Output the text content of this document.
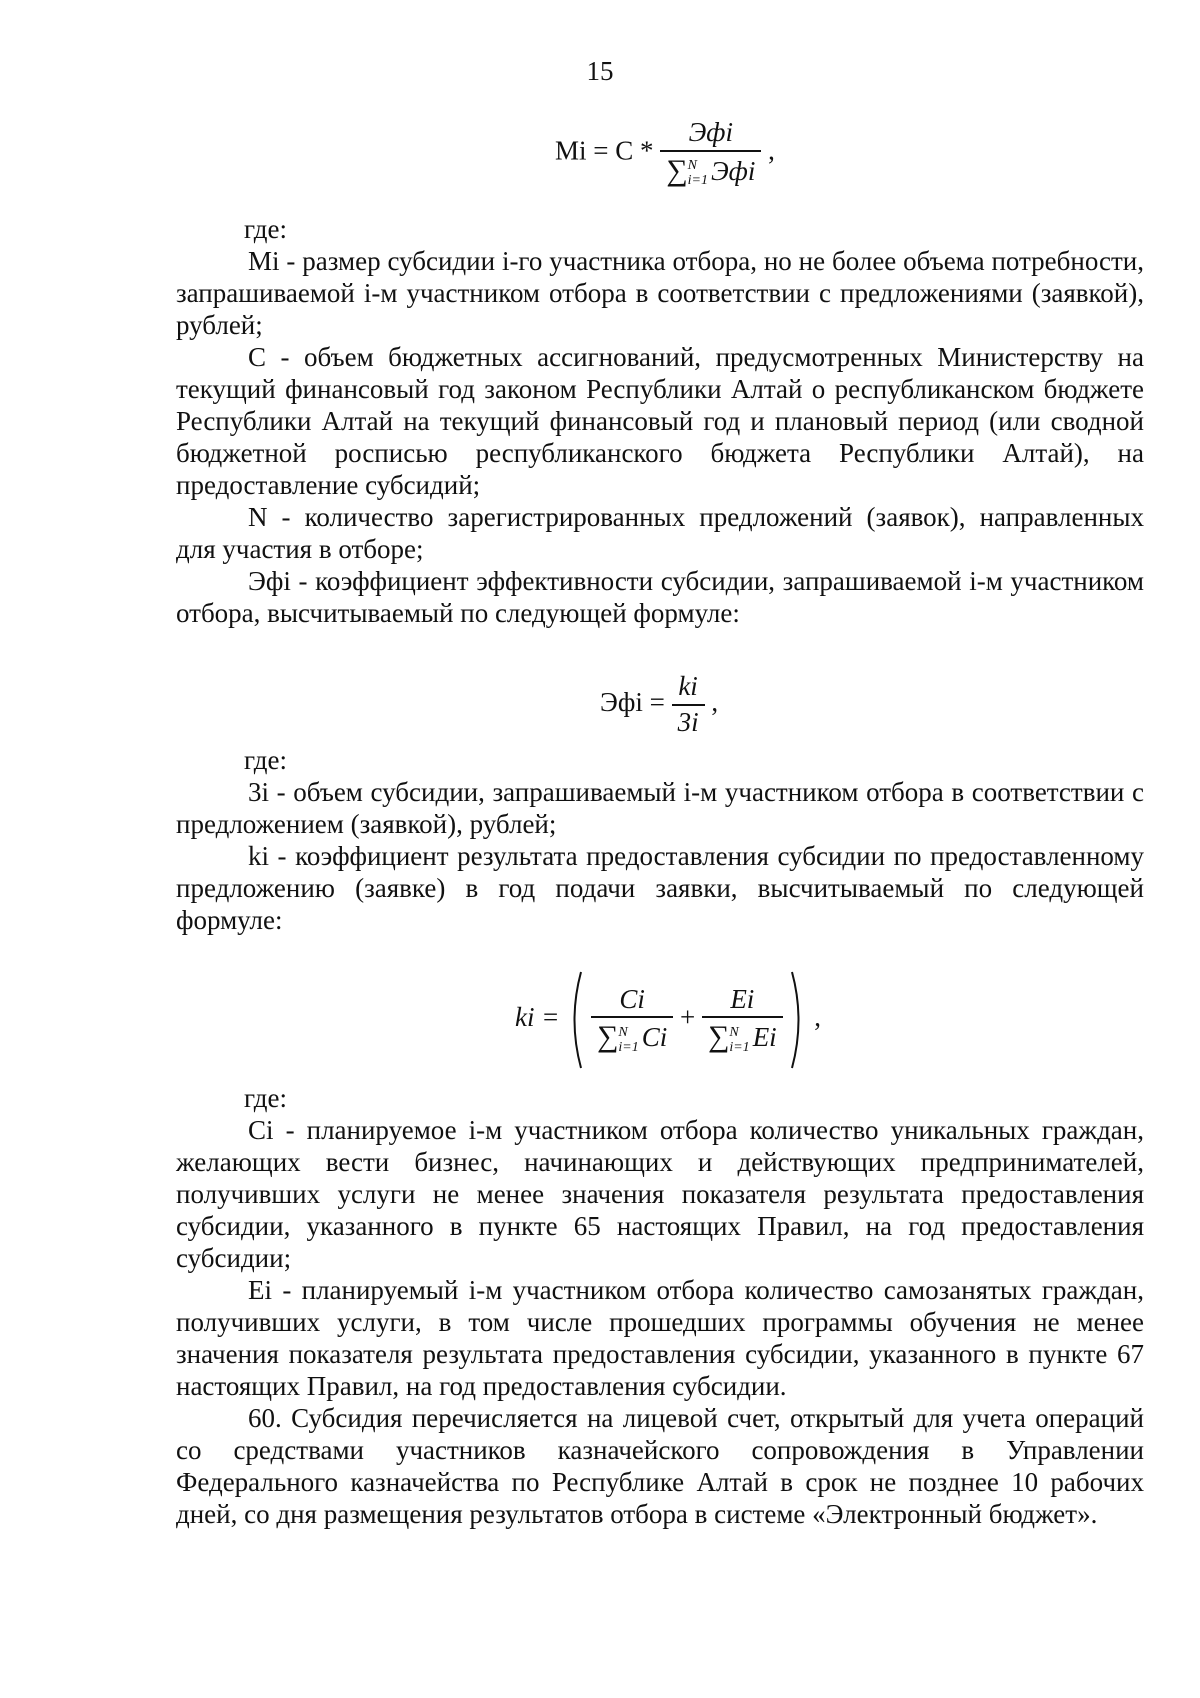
15
Mi = C * Эфi
∑ N
i=1 Эфi ,

где:

Mi - размер субсидии i-го участника отбора, но не более объема потребности, запрашиваемой i-м участником отбора в соответствии с предложениями (заявкой), рублей;

С - объем бюджетных ассигнований, предусмотренных Министерству на текущий финансовый год законом Республики Алтай о республиканском бюджете Республики Алтай на текущий финансовый год и плановый период (или сводной бюджетной росписью республиканского бюджета Республики Алтай), на предоставление субсидий;

N - количество зарегистрированных предложений (заявок), направленных для участия в отборе;

Эфi - коэффициент эффективности субсидии, запрашиваемой i-м участником отбора, высчитываемый по следующей формуле:

Эфi = $\frac{ki}{3i}$ ,

где:

3i - объем субсидии, запрашиваемый i-м участником отбора в соответствии с предложением (заявкой), рублей;

ki - коэффициент результата предоставления субсидии по предоставленному предложению (заявке) в год подачи заявки, высчитываемый по следующей формуле:

ki = Ci
∑ N
i=1 Ci + Ei
∑ N
i=1 Ei ,

где:

Ci - планируемое i-м участником отбора количество уникальных граждан, желающих вести бизнес, начинающих и действующих предпринимателей, получивших услуги не менее значения показателя результата предоставления субсидии, указанного в пункте 65 настоящих Правил, на год предоставления субсидии;

Ei - планируемый i-м участником отбора количество самозанятых граждан, получивших услуги, в том числе прошедших программы обучения не менее значения показателя результата предоставления субсидии, указанного в пункте 67 настоящих Правил, на год предоставления субсидии.

60. Субсидия перечисляется на лицевой счет, открытый для учета операций со средствами участников казначейского сопровождения в Управлении Федерального казначейства по Республике Алтай в срок не позднее 10 рабочих дней, со дня размещения результатов отбора в системе «Электронный бюджет».
